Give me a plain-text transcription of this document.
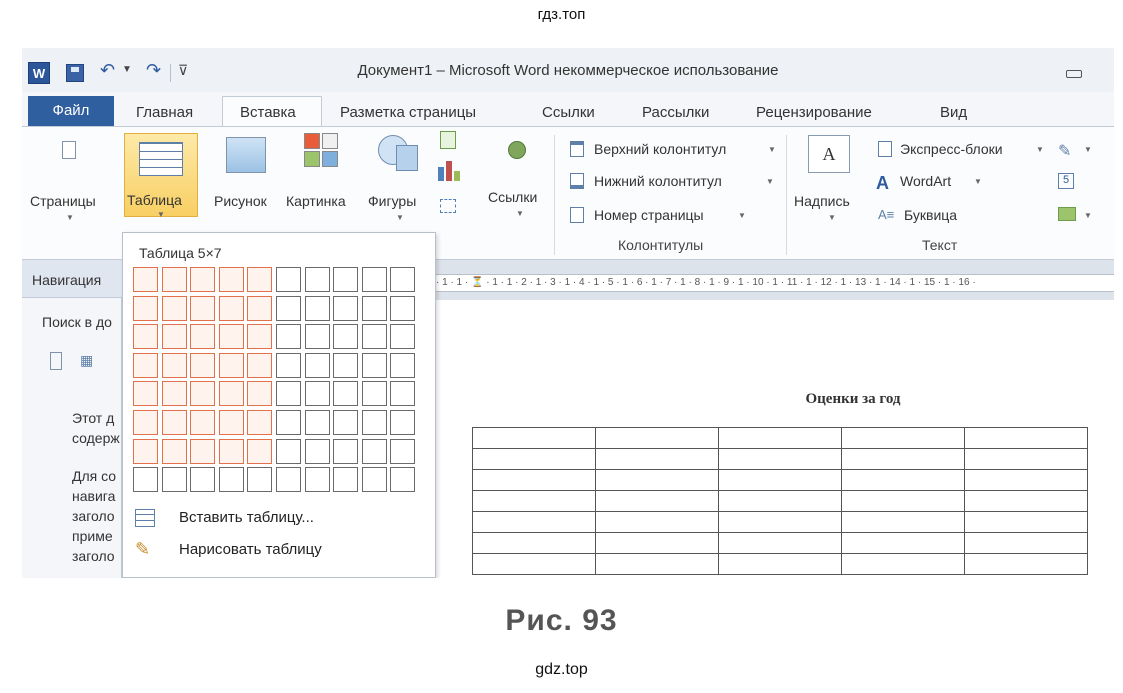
гдз.топ
W	↶ ▼ ↷ ⊽	Документ1 – Microsoft Word некоммерческое использование
Файл	Главная	Вставка	Разметка страницы	Ссылки	Рассылки	Рецензирование	Вид
Страницы
▼
Таблица
▼
Рисунок Картинка Фигуры
▼
Ссылки
▼
Верхний колонтитул	▼
Нижний колонтитул	▼
Номер страницы	▼
Колонтитулы
A
Надпись
▼
Экспресс-блоки	▼
A WordArt	▼
A≡ Буквица
Текст
✎ ▼
5
▼
Навигация
Поиск в до
▦
Этот д
содерж
Для со
навига
заголо
приме
заголо
· 1 · 1 · ⏳ · 1 · 1 · 2 · 1 · 3 · 1 · 4 · 1 · 5 · 1 · 6 · 1 · 7 · 1 · 8 · 1 · 9 · 1 · 10 · 1 · 11 · 1 · 12 · 1 · 13 · 1 · 14 · 1 · 15 · 1 · 16 ·
Таблица 5×7
Вставить таблицу...
✎ Нарисовать таблицу
Оценки за год

Рис. 93
gdz.top
